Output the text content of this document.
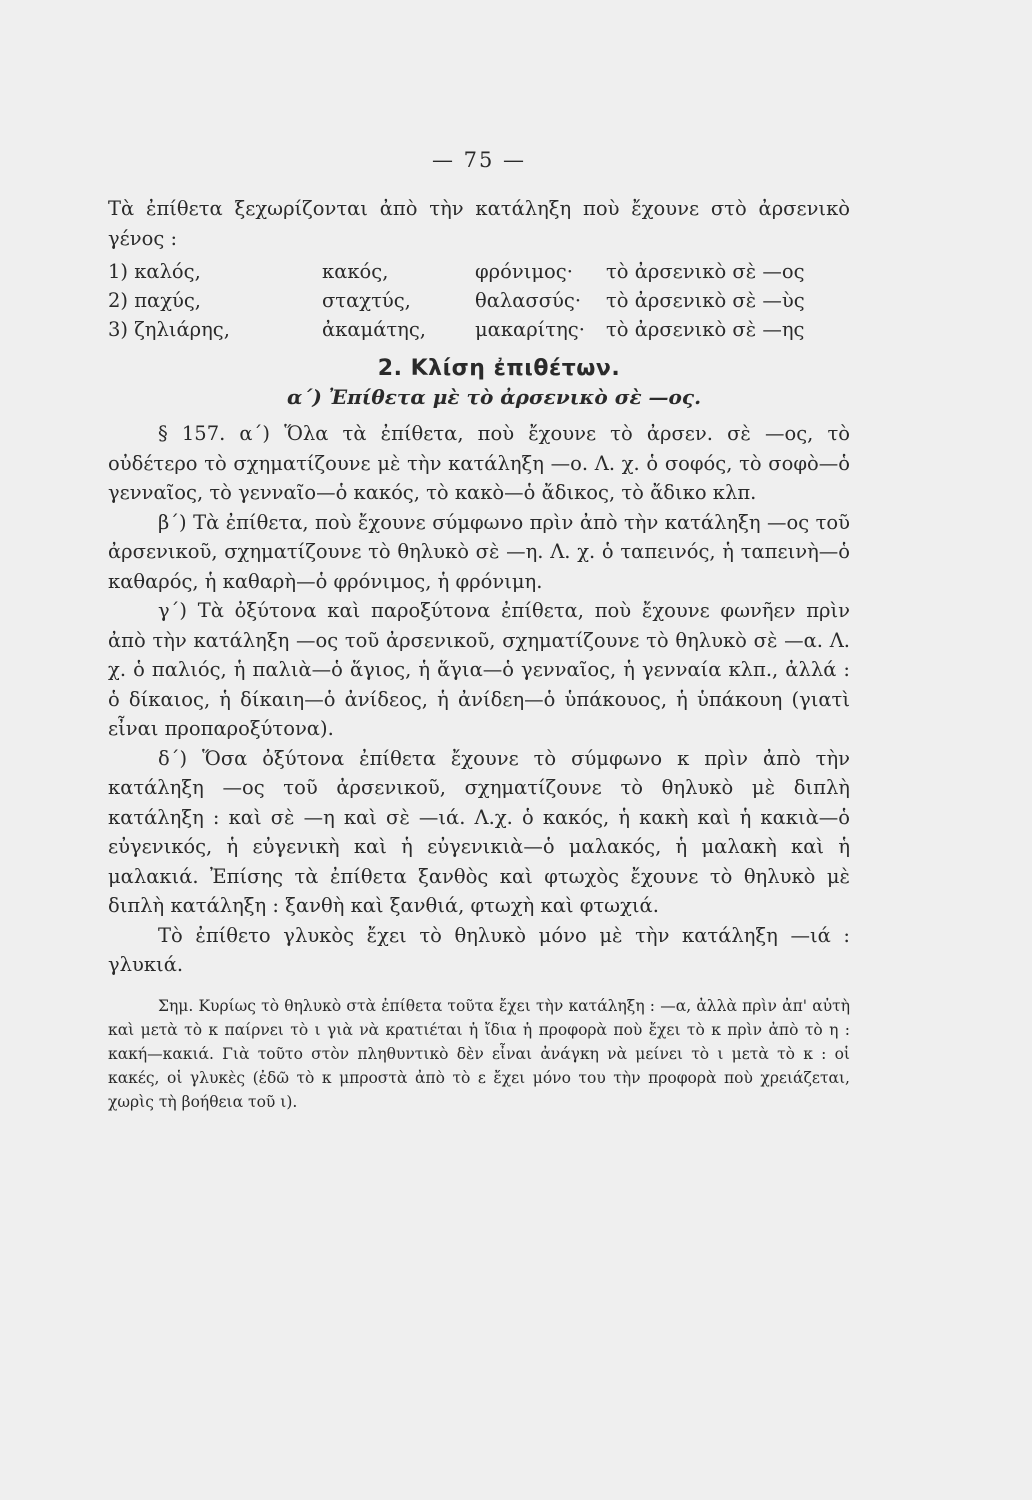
— 75 —

Τὰ ἐπίθετα ξεχωρίζονται ἀπὸ τὴν κατάληξη ποὺ ἔχουνε στὸ ἀρσενικὸ γένος :

1) καλός,	κακός,	φρόνιμος·	τὸ ἀρσενικὸ σὲ —ος
2) παχύς,	σταχτύς,	θαλασσύς·	τὸ ἀρσενικὸ σὲ —ὺς
3) ζηλιάρης,	ἀκαμάτης,	μακαρίτης·	τὸ ἀρσενικὸ σὲ —ης
2. Κλίση ἐπιθέτων.
α΄) Ἐπίθετα μὲ τὸ ἀρσενικὸ σὲ —ος.

§ 157. α΄) Ὅλα τὰ ἐπίθετα, ποὺ ἔχουνε τὸ ἀρσεν. σὲ —ος, τὸ οὐδέτερο τὸ σχηματίζουνε μὲ τὴν κατάληξη —ο. Λ. χ. ὁ σοφός, τὸ σοφὸ—ὁ γενναῖος, τὸ γενναῖο—ὁ κακός, τὸ κακὸ—ὁ ἄδικος, τὸ ἄδικο κλπ.

β΄) Τὰ ἐπίθετα, ποὺ ἔχουνε σύμφωνο πρὶν ἀπὸ τὴν κατάληξη —ος τοῦ ἀρσενικοῦ, σχηματίζουνε τὸ θηλυκὸ σὲ —η. Λ. χ. ὁ ταπεινός, ἡ ταπεινὴ—ὁ καθαρός, ἡ καθαρὴ—ὁ φρόνιμος, ἡ φρόνιμη.

γ΄) Τὰ ὀξύτονα καὶ παροξύτονα ἐπίθετα, ποὺ ἔχουνε φωνῆεν πρὶν ἀπὸ τὴν κατάληξη —ος τοῦ ἀρσενικοῦ, σχηματίζουνε τὸ θηλυκὸ σὲ —α. Λ. χ. ὁ παλιός, ἡ παλιὰ—ὁ ἅγιος, ἡ ἅγια—ὁ γενναῖος, ἡ γενναία κλπ., ἀλλά : ὁ δίκαιος, ἡ δίκαιη—ὁ ἀνίδεος, ἡ ἀνίδεη—ὁ ὑπάκουος, ἡ ὑπάκουη (γιατὶ εἶναι προπαροξύτονα).

δ΄) Ὅσα ὀξύτονα ἐπίθετα ἔχουνε τὸ σύμφωνο κ πρὶν ἀπὸ τὴν κατάληξη —ος τοῦ ἀρσενικοῦ, σχηματίζουνε τὸ θηλυκὸ μὲ διπλὴ κατάληξη : καὶ σὲ —η καὶ σὲ —ιά. Λ.χ. ὁ κακός, ἡ κακὴ καὶ ἡ κακιὰ—ὁ εὐγενικός, ἡ εὐγενικὴ καὶ ἡ εὐγενικιὰ—ὁ μαλακός, ἡ μαλακὴ καὶ ἡ μαλακιά. Ἐπίσης τὰ ἐπίθετα ξανθὸς καὶ φτωχὸς ἔχουνε τὸ θηλυκὸ μὲ διπλὴ κατάληξη : ξανθὴ καὶ ξανθιά, φτωχὴ καὶ φτωχιά.

Τὸ ἐπίθετο γλυκὸς ἔχει τὸ θηλυκὸ μόνο μὲ τὴν κατάληξη —ιά : γλυκιά.

Σημ. Κυρίως τὸ θηλυκὸ στὰ ἐπίθετα τοῦτα ἔχει τὴν κατάληξη : —α, ἀλλὰ πρὶν ἀπ' αὐτὴ καὶ μετὰ τὸ κ παίρνει τὸ ι γιὰ νὰ κρατιέται ἡ ἴδια ἡ προφορὰ ποὺ ἔχει τὸ κ πρὶν ἀπὸ τὸ η : κακή—κακιά. Γιὰ τοῦτο στὸν πληθυντικὸ δὲν εἶναι ἀνάγκη νὰ μείνει τὸ ι μετὰ τὸ κ : οἱ κακές, οἱ γλυκὲς (ἐδῶ τὸ κ μπροστὰ ἀπὸ τὸ ε ἔχει μόνο του τὴν προφορὰ ποὺ χρειάζεται, χωρὶς τὴ βοήθεια τοῦ ι).
